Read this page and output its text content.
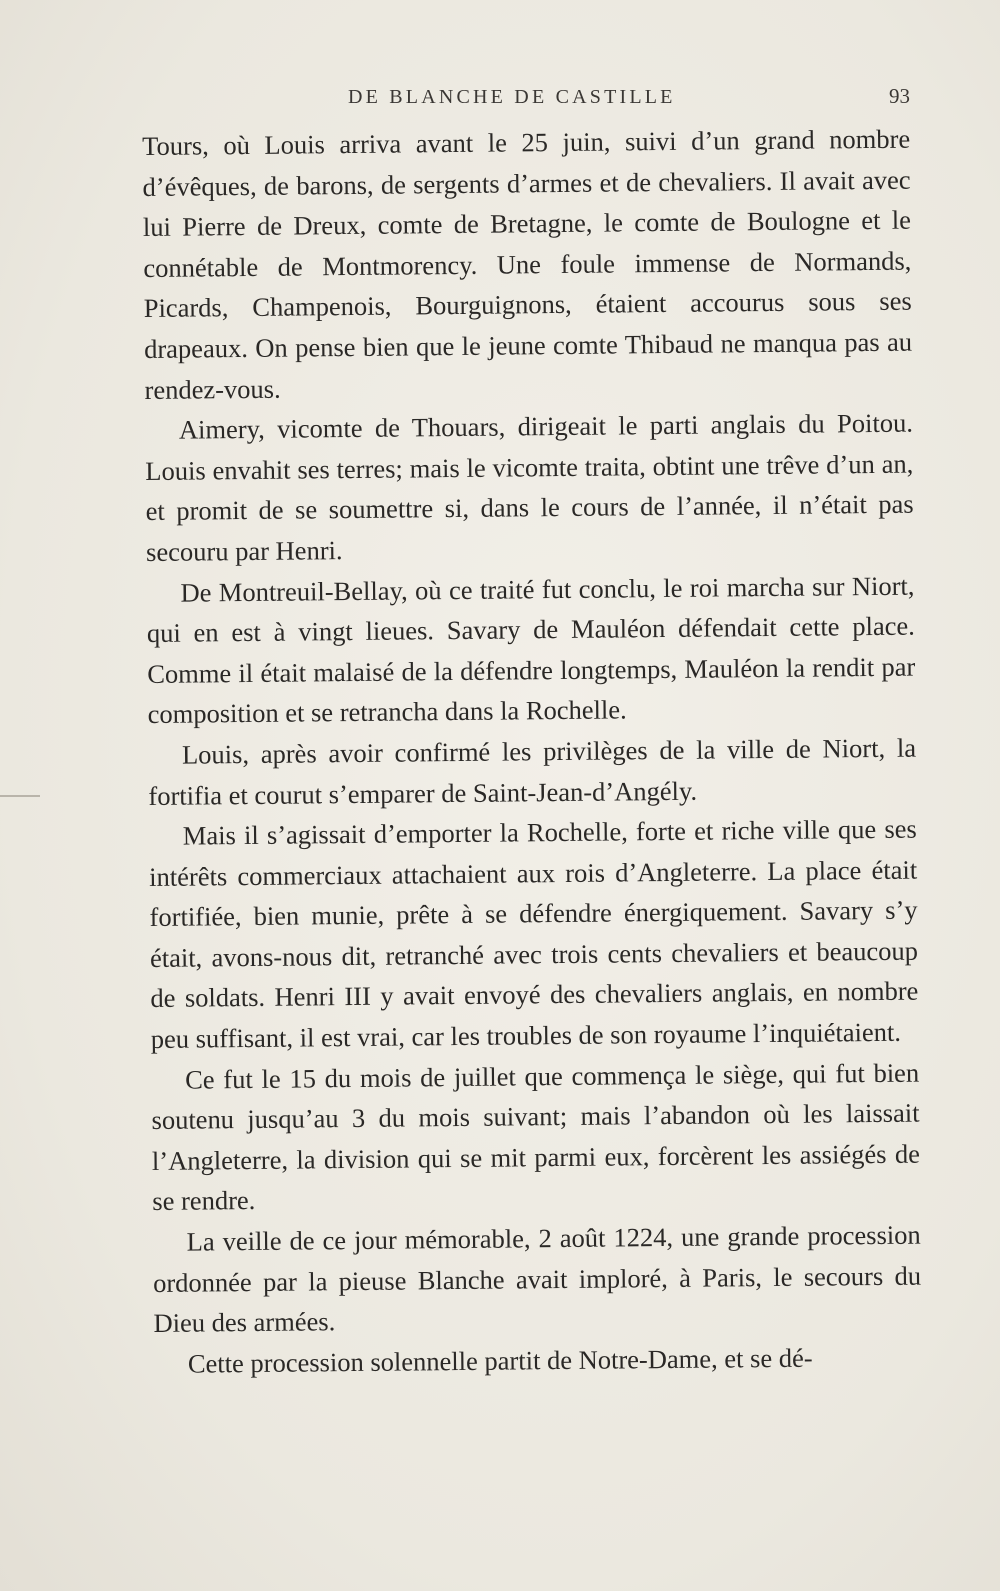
DE BLANCHE DE CASTILLE	93

Tours, où Louis arriva avant le 25 juin, suivi d’un grand nombre d’évêques, de barons, de sergents d’armes et de chevaliers. Il avait avec lui Pierre de Dreux, comte de Bretagne, le comte de Boulogne et le connétable de Montmorency. Une foule immense de Normands, Picards, Champenois, Bourguignons, étaient accourus sous ses drapeaux. On pense bien que le jeune comte Thibaud ne manqua pas au rendez-vous.

Aimery, vicomte de Thouars, dirigeait le parti anglais du Poitou. Louis envahit ses terres; mais le vicomte traita, obtint une trêve d’un an, et promit de se soumettre si, dans le cours de l’année, il n’était pas secouru par Henri.

De Montreuil-Bellay, où ce traité fut conclu, le roi marcha sur Niort, qui en est à vingt lieues. Savary de Mauléon défendait cette place. Comme il était malaisé de la défendre longtemps, Mauléon la rendit par composition et se retrancha dans la Rochelle.

Louis, après avoir confirmé les privilèges de la ville de Niort, la fortifia et courut s’emparer de Saint-Jean-d’Angély.

Mais il s’agissait d’emporter la Rochelle, forte et riche ville que ses intérêts commerciaux attachaient aux rois d’Angleterre. La place était fortifiée, bien munie, prête à se défendre énergiquement. Savary s’y était, avons-nous dit, retranché avec trois cents chevaliers et beaucoup de soldats. Henri III y avait envoyé des chevaliers anglais, en nombre peu suffisant, il est vrai, car les troubles de son royaume l’inquiétaient.

Ce fut le 15 du mois de juillet que commença le siège, qui fut bien soutenu jusqu’au 3 du mois suivant; mais l’abandon où les laissait l’Angleterre, la division qui se mit parmi eux, forcèrent les assiégés de se rendre.

La veille de ce jour mémorable, 2 août 1224, une grande procession ordonnée par la pieuse Blanche avait imploré, à Paris, le secours du Dieu des armées.

Cette procession solennelle partit de Notre-Dame, et se dé-
